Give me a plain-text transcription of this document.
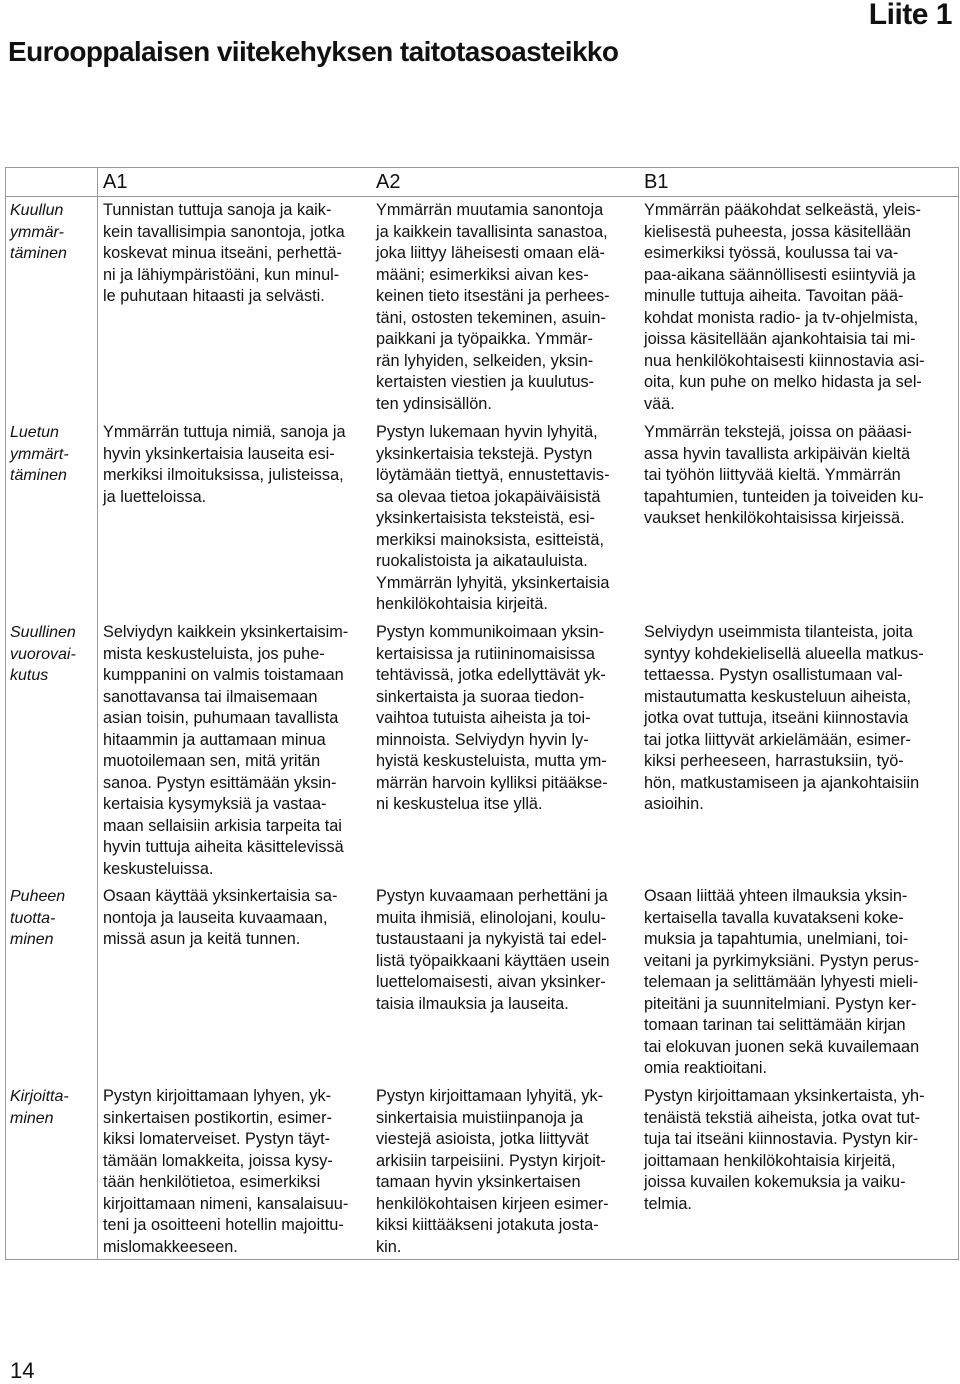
Liite 1
Eurooppalaisen viitekehyksen taitotasoasteikko
A1	A2	B1
Kuullun
ymmär-
täminen
Tunnistan tuttuja sanoja ja kaik-
kein tavallisimpia sanontoja, jotka
koskevat minua itseäni, perhettä-
ni ja lähiympäristöäni, kun minul-
le puhutaan hitaasti ja selvästi.
Ymmärrän muutamia sanontoja
ja kaikkein tavallisinta sanastoa,
joka liittyy läheisesti omaan elä-
määni; esimerkiksi aivan kes-
keinen tieto itsestäni ja perhees-
täni, ostosten tekeminen, asuin-
paikkani ja työpaikka. Ymmär-
rän lyhyiden, selkeiden, yksin-
kertaisten viestien ja kuulutus-
ten ydinsisällön.
Ymmärrän pääkohdat selkeästä, yleis-
kielisestä puheesta, jossa käsitellään
esimerkiksi työssä, koulussa tai va-
paa-aikana säännöllisesti esiintyviä ja
minulle tuttuja aiheita. Tavoitan pää-
kohdat monista radio- ja tv-ohjelmista,
joissa käsitellään ajankohtaisia tai mi-
nua henkilökohtaisesti kiinnostavia asi-
oita, kun puhe on melko hidasta ja sel-
vää.
Luetun
ymmärt-
täminen
Ymmärrän tuttuja nimiä, sanoja ja
hyvin yksinkertaisia lauseita esi-
merkiksi ilmoituksissa, julisteissa,
ja luetteloissa.
Pystyn lukemaan hyvin lyhyitä,
yksinkertaisia tekstejä. Pystyn
löytämään tiettyä, ennustettavis-
sa olevaa tietoa jokapäiväisistä
yksinkertaisista teksteistä, esi-
merkiksi mainoksista, esitteistä,
ruokalistoista ja aikatauluista.
Ymmärrän lyhyitä, yksinkertaisia
henkilökohtaisia kirjeitä.
Ymmärrän tekstejä, joissa on pääasi-
assa hyvin tavallista arkipäivän kieltä
tai työhön liittyvää kieltä. Ymmärrän
tapahtumien, tunteiden ja toiveiden ku-
vaukset henkilökohtaisissa kirjeissä.
Suullinen
vuorovai-
kutus
Selviydyn kaikkein yksinkertaisim-
mista keskusteluista, jos puhe-
kumppanini on valmis toistamaan
sanottavansa tai ilmaisemaan
asian toisin, puhumaan tavallista
hitaammin ja auttamaan minua
muotoilemaan sen, mitä yritän
sanoa. Pystyn esittämään yksin-
kertaisia kysymyksiä ja vastaa-
maan sellaisiin arkisia tarpeita tai
hyvin tuttuja aiheita käsittelevissä
keskusteluissa.
Pystyn kommunikoimaan yksin-
kertaisissa ja rutiininomaisissa
tehtävissä, jotka edellyttävät yk-
sinkertaista ja suoraa tiedon-
vaihtoa tutuista aiheista ja toi-
minnoista. Selviydyn hyvin ly-
hyistä keskusteluista, mutta ym-
märrän harvoin kylliksi pitääkse-
ni keskustelua itse yllä.
Selviydyn useimmista tilanteista, joita
syntyy kohdekielisellä alueella matkus-
tettaessa. Pystyn osallistumaan val-
mistautumatta keskusteluun aiheista,
jotka ovat tuttuja, itseäni kiinnostavia
tai jotka liittyvät arkielämään, esimer-
kiksi perheeseen, harrastuksiin, työ-
hön, matkustamiseen ja ajankohtaisiin
asioihin.
Puheen
tuotta-
minen
Osaan käyttää yksinkertaisia sa-
nontoja ja lauseita kuvaamaan,
missä asun ja keitä tunnen.
Pystyn kuvaamaan perhettäni ja
muita ihmisiä, elinolojani, koulu-
tustaustaani ja nykyistä tai edel-
listä työpaikkaani käyttäen usein
luettelomaisesti, aivan yksinker-
taisia ilmauksia ja lauseita.
Osaan liittää yhteen ilmauksia yksin-
kertaisella tavalla kuvatakseni koke-
muksia ja tapahtumia, unelmiani, toi-
veitani ja pyrkimyksiäni. Pystyn perus-
telemaan ja selittämään lyhyesti mieli-
piteitäni ja suunnitelmiani. Pystyn ker-
tomaan tarinan tai selittämään kirjan
tai elokuvan juonen sekä kuvailemaan
omia reaktioitani.
Kirjoitta-
minen
Pystyn kirjoittamaan lyhyen, yk-
sinkertaisen postikortin, esimer-
kiksi lomaterveiset. Pystyn täyt-
tämään lomakkeita, joissa kysy-
tään henkilötietoa, esimerkiksi
kirjoittamaan nimeni, kansalaisuu-
teni ja osoitteeni hotellin majoittu-
mislomakkeeseen.
Pystyn kirjoittamaan lyhyitä, yk-
sinkertaisia muistiinpanoja ja
viestejä asioista, jotka liittyvät
arkisiin tarpeisiini. Pystyn kirjoit-
tamaan hyvin yksinkertaisen
henkilökohtaisen kirjeen esimer-
kiksi kiittääkseni jotakuta josta-
kin.
Pystyn kirjoittamaan yksinkertaista, yh-
tenäistä tekstiä aiheista, jotka ovat tut-
tuja tai itseäni kiinnostavia. Pystyn kir-
joittamaan henkilökohtaisia kirjeitä,
joissa kuvailen kokemuksia ja vaiku-
telmia.
14
